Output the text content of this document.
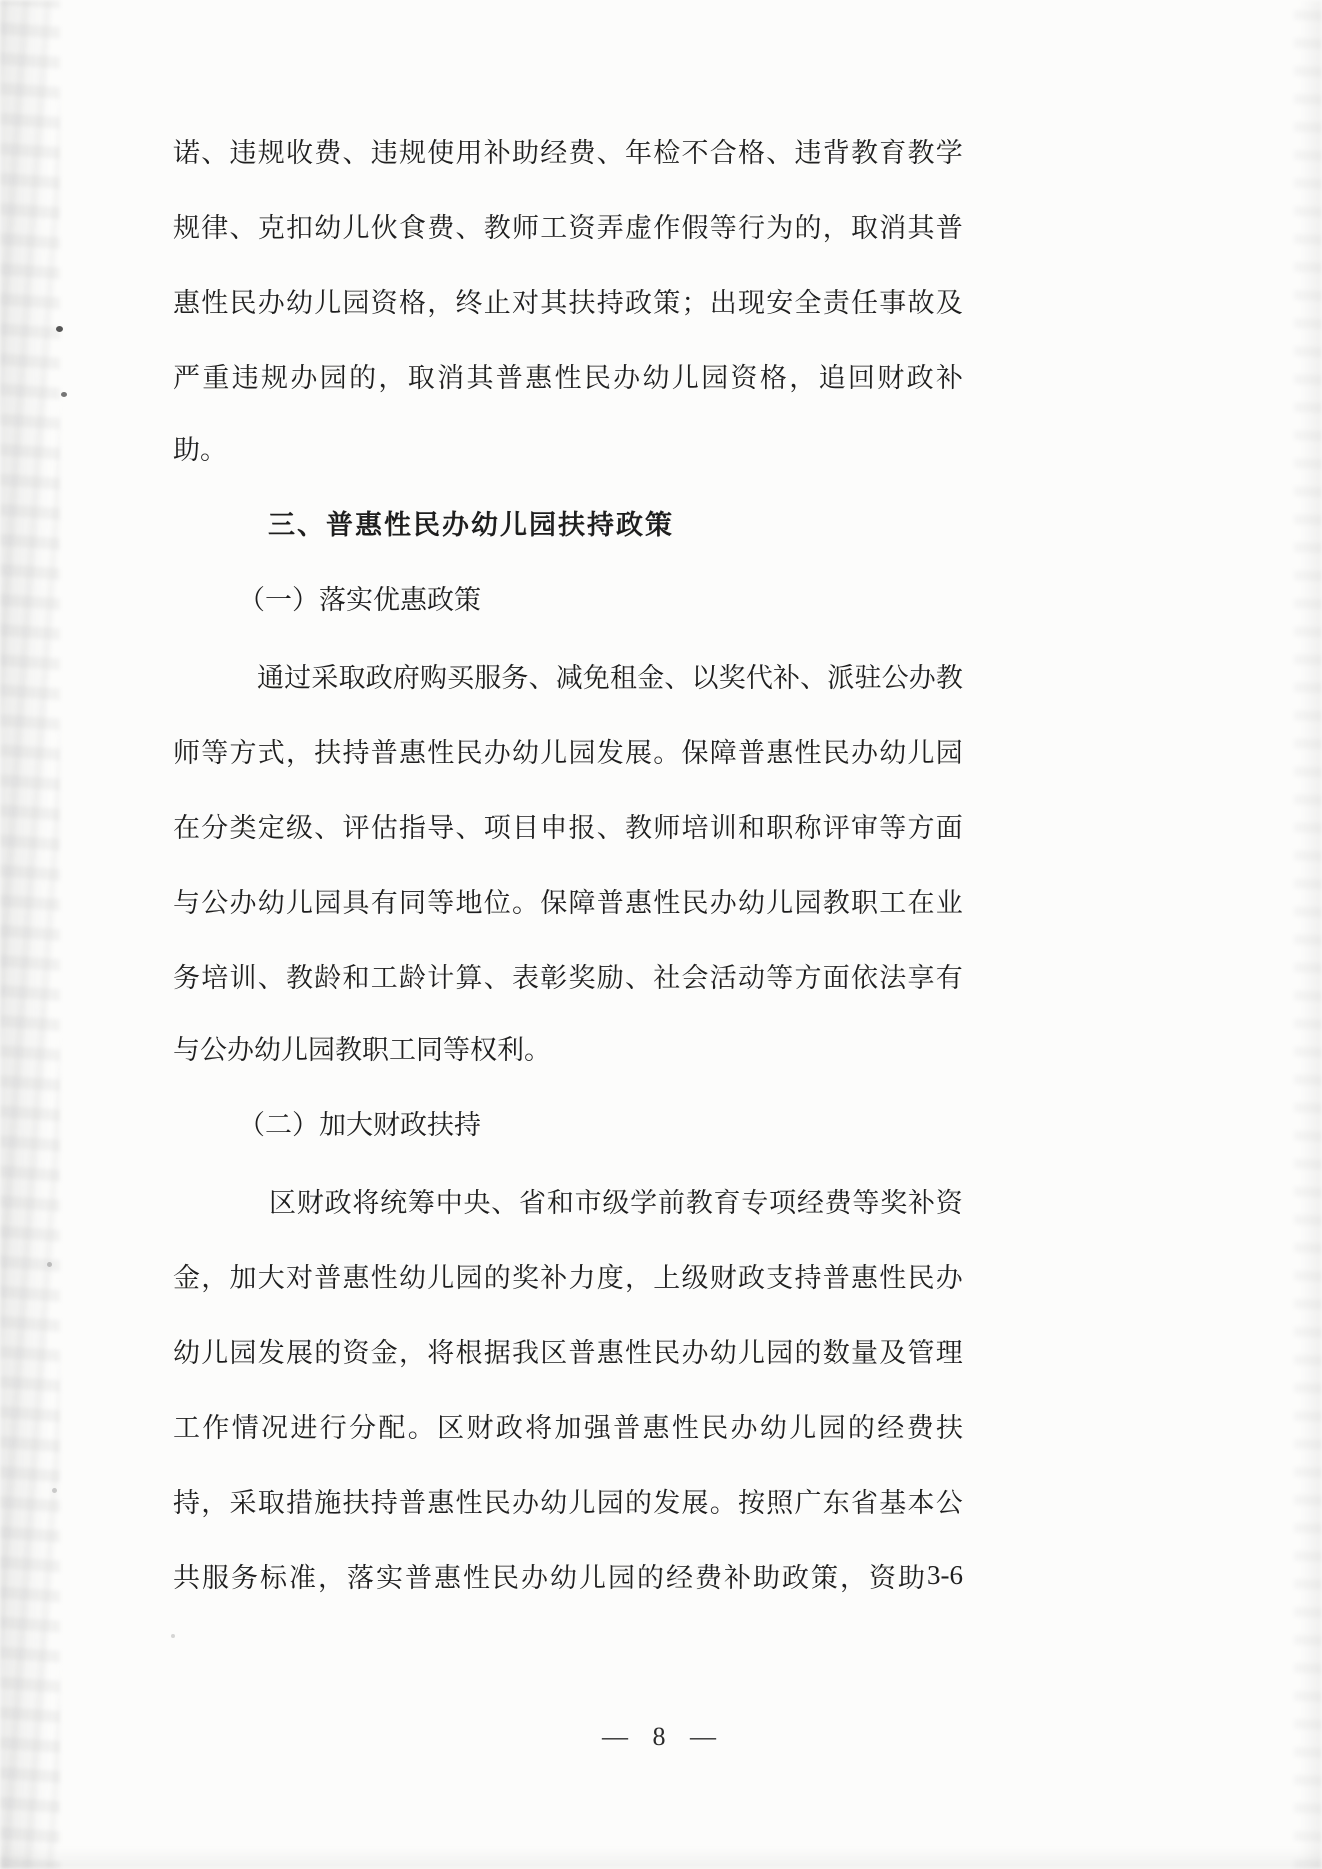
诺 、 违 规 收 费 、 违 规 使 用 补 助 经 费 、 年 检 不 合 格 、 违 背 教 育 教 学
规 律 、 克 扣 幼 儿 伙 食 费 、 教 师 工 资 弄 虚 作 假 等 行 为 的 ， 取 消 其 普
惠 性 民 办 幼 儿 园 资 格 ， 终 止 对 其 扶 持 政 策 ； 出 现 安 全 责 任 事 故 及
严 重 违 规 办 园 的 ， 取 消 其 普 惠 性 民 办 幼 儿 园 资 格 ， 追 回 财 政 补
助。
三、普惠性民办幼儿园扶持政策
（一）落实优惠政策
通 过 采 取 政 府 购 买 服 务 、 减 免 租 金 、 以 奖 代 补 、 派 驻 公 办 教
师 等 方 式 ， 扶 持 普 惠 性 民 办 幼 儿 园 发 展 。 保 障 普 惠 性 民 办 幼 儿 园
在 分 类 定 级 、 评 估 指 导 、 项 目 申 报 、 教 师 培 训 和 职 称 评 审 等 方 面
与 公 办 幼 儿 园 具 有 同 等 地 位 。 保 障 普 惠 性 民 办 幼 儿 园 教 职 工 在 业
务 培 训 、 教 龄 和 工 龄 计 算 、 表 彰 奖 励 、 社 会 活 动 等 方 面 依 法 享 有
与公办幼儿园教职工同等权利。
（二）加大财政扶持
区 财 政 将 统 筹 中 央 、 省 和 市 级 学 前 教 育 专 项 经 费 等 奖 补 资
金 ， 加 大 对 普 惠 性 幼 儿 园 的 奖 补 力 度 ， 上 级 财 政 支 持 普 惠 性 民 办
幼 儿 园 发 展 的 资 金 ， 将 根 据 我 区 普 惠 性 民 办 幼 儿 园 的 数 量 及 管 理
工 作 情 况 进 行 分 配 。 区 财 政 将 加 强 普 惠 性 民 办 幼 儿 园 的 经 费 扶
持 ， 采 取 措 施 扶 持 普 惠 性 民 办 幼 儿 园 的 发 展 。 按 照 广 东 省 基 本 公
共 服 务 标 准 ， 落 实 普 惠 性 民 办 幼 儿 园 的 经 费 补 助 政 策 ， 资 助 3-6
— 8 —
